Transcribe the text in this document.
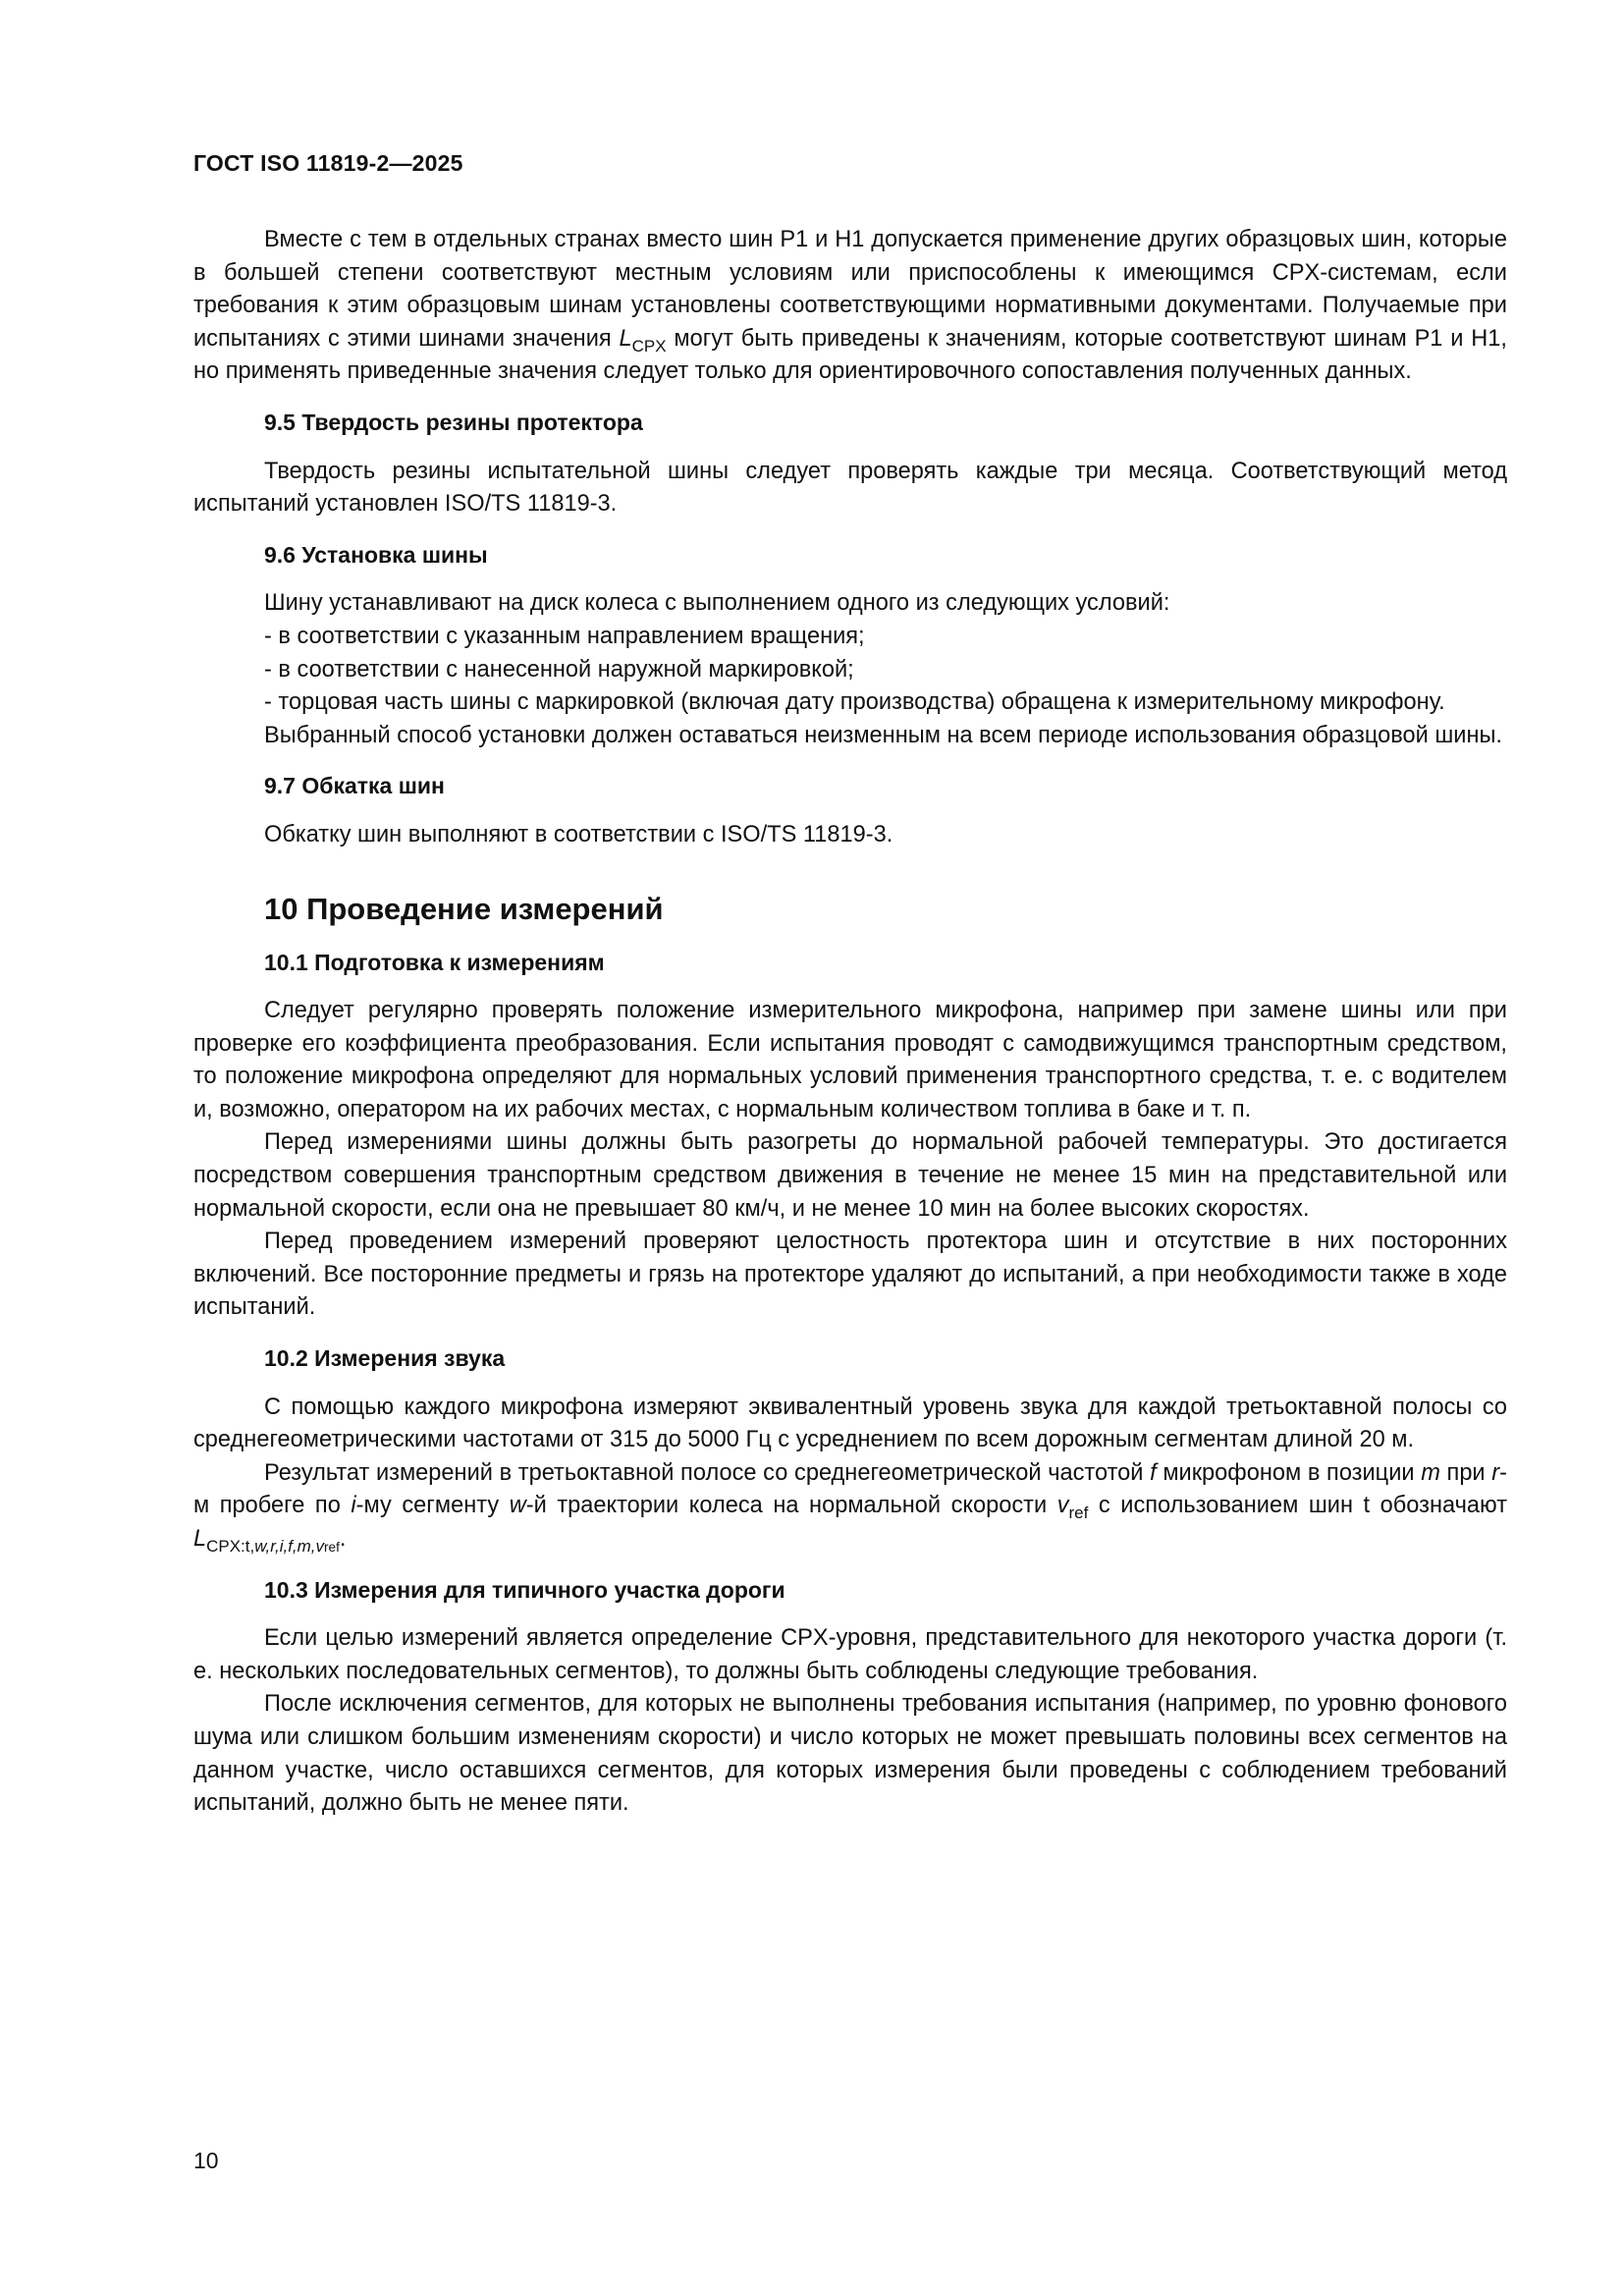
ГОСТ ISO 11819-2—2025

Вместе с тем в отдельных странах вместо шин P1 и H1 допускается применение других образцовых шин, которые в большей степени соответствуют местным условиям или приспособлены к имеющимся CPX-системам, если требования к этим образцовым шинам установлены соответствующими нормативными документами. Получаемые при испытаниях с этими шинами значения $L_{CPX}$ могут быть приведены к значениям, которые соответствуют шинам P1 и H1, но применять приведенные значения следует только для ориентировочного сопоставления полученных данных.

9.5 Твердость резины протектора

Твердость резины испытательной шины следует проверять каждые три месяца. Соответствующий метод испытаний установлен ISO/TS 11819-3.

9.6 Установка шины

Шину устанавливают на диск колеса с выполнением одного из следующих условий:

- в соответствии с указанным направлением вращения;

- в соответствии с нанесенной наружной маркировкой;

- торцовая часть шины с маркировкой (включая дату производства) обращена к измерительному микрофону.

Выбранный способ установки должен оставаться неизменным на всем периоде использования образцовой шины.

9.7 Обкатка шин

Обкатку шин выполняют в соответствии с ISO/TS 11819-3.

10 Проведение измерений
10.1 Подготовка к измерениям

Следует регулярно проверять положение измерительного микрофона, например при замене шины или при проверке его коэффициента преобразования. Если испытания проводят с самодвижущимся транспортным средством, то положение микрофона определяют для нормальных условий применения транспортного средства, т. е. с водителем и, возможно, оператором на их рабочих местах, с нормальным количеством топлива в баке и т. п.

Перед измерениями шины должны быть разогреты до нормальной рабочей температуры. Это достигается посредством совершения транспортным средством движения в течение не менее 15 мин на представительной или нормальной скорости, если она не превышает 80 км/ч, и не менее 10 мин на более высоких скоростях.

Перед проведением измерений проверяют целостность протектора шин и отсутствие в них посторонних включений. Все посторонние предметы и грязь на протекторе удаляют до испытаний, а при необходимости также в ходе испытаний.

10.2 Измерения звука

С помощью каждого микрофона измеряют эквивалентный уровень звука для каждой третьоктавной полосы со среднегеометрическими частотами от 315 до 5000 Гц с усреднением по всем дорожным сегментам длиной 20 м.

Результат измерений в третьоктавной полосе со среднегеометрической частотой f микрофоном в позиции m при r-м пробеге по i-му сегменту w-й траектории колеса на нормальной скорости $v_{ref}$ с использованием шин t обозначают $L_{CPX:t,w,r,i,f,m,vref}$.

10.3 Измерения для типичного участка дороги

Если целью измерений является определение CPX-уровня, представительного для некоторого участка дороги (т. е. нескольких последовательных сегментов), то должны быть соблюдены следующие требования.

После исключения сегментов, для которых не выполнены требования испытания (например, по уровню фонового шума или слишком большим изменениям скорости) и число которых не может превышать половины всех сегментов на данном участке, число оставшихся сегментов, для которых измерения были проведены с соблюдением требований испытаний, должно быть не менее пяти.

10
